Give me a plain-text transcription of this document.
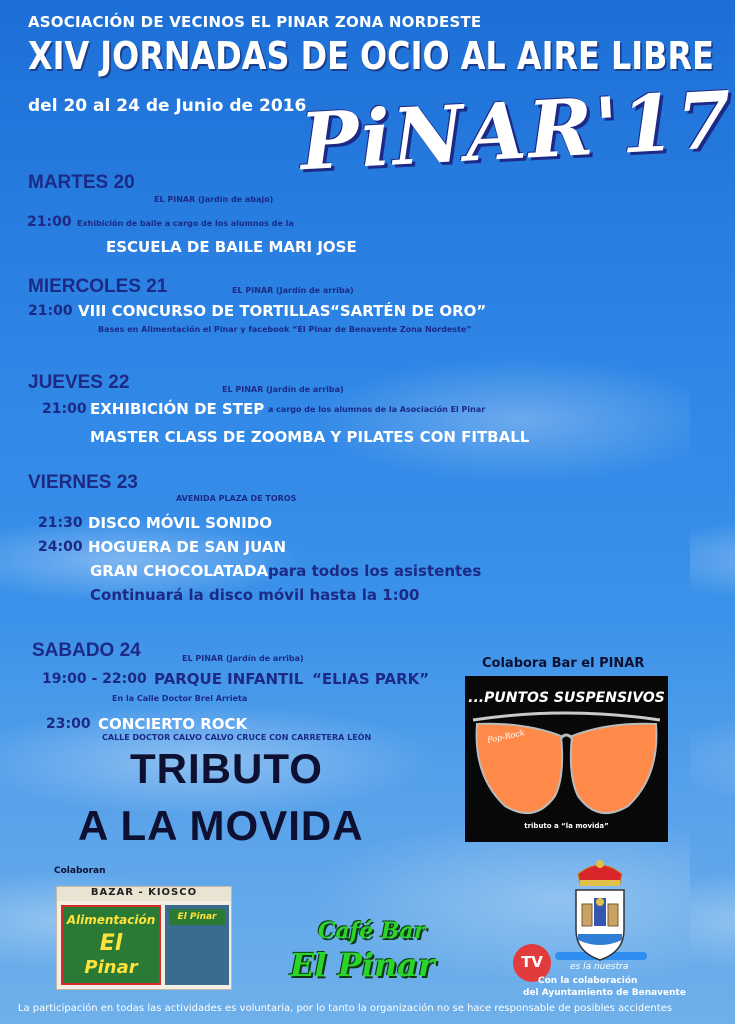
ASOCIACIÓN DE VECINOS EL PINAR ZONA NORDESTE
XIV JORNADAS DE OCIO AL AIRE LIBRE
del 20 al 24 de Junio de 2016
PiNAR'17
MARTES 20
EL PINAR (Jardín de abajo)
21:00 Exhibición de baile a cargo de los alumnos de la
ESCUELA DE BAILE MARI JOSE
MIERCOLES 21	EL PINAR (Jardín de arriba)
21:00 VIII CONCURSO DE TORTILLAS “SARTÉN DE ORO”
Bases en Alimentación el Pinar y facebook “El Pinar de Benavente Zona Nordeste”
JUEVES 22	EL PINAR (Jardín de arriba)
21:00 EXHIBICIÓN DE STEP a cargo de los alumnos de la Asociación El Pinar
MASTER CLASS DE ZOOMBA Y PILATES CON FITBALL
VIERNES 23
AVENIDA PLAZA DE TOROS
21:30 DISCO MÓVIL SONIDO
24:00 HOGUERA DE SAN JUAN
GRAN CHOCOLATADA para todos los asistentes
Continuará la disco móvil hasta la 1:00
SABADO 24	EL PINAR (Jardín de arriba)
19:00 - 22:00 PARQUE INFANTIL “ELIAS PARK”
En la Calle Doctor Brel Arrieta
23:00 CONCIERTO ROCK
CALLE DOCTOR CALVO CALVO CRUCE CON CARRETERA LEÓN
TRIBUTO
A LA MOVIDA
Colabora Bar el PINAR
...PUNTOS SUSPENSIVOS
Pop-Rock
tributo a “la movida”
Colaboran
BAZAR - KIOSCO
Alimentación
El
Pinar
El Pinar
Café Bar
El Pinar	TV	es la nuestra
Con la colaboración
del Ayuntamiento de Benavente
La participación en todas las actividades es voluntaria, por lo tanto la organización no se hace responsable de posibles accidentes
